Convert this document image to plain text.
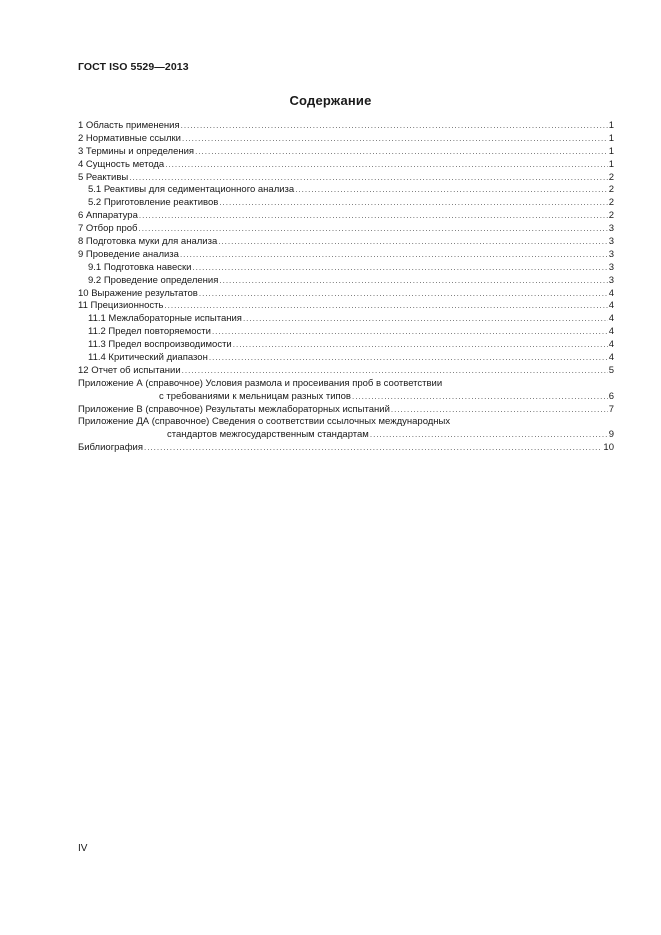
ГОСТ ISO 5529—2013
Содержание
1 Область применения .....	1
2 Нормативные ссылки .....	1
3 Термины и определения .....	1
4 Сущность метода .....	1
5 Реактивы .....	2
5.1 Реактивы для седиментационного анализа .....	2
5.2 Приготовление реактивов .....	2
6 Аппаратура .....	2
7 Отбор проб .....	3
8 Подготовка муки для анализа .....	3
9 Проведение анализа .....	3
9.1 Подготовка навески .....	3
9.2 Проведение определения .....	3
10 Выражение результатов .....	4
11 Прецизионность .....	4
11.1 Межлабораторные испытания .....	4
11.2 Предел повторяемости .....	4
11.3 Предел воспроизводимости .....	4
11.4 Критический диапазон .....	4
12 Отчет об испытании .....	5
Приложение А (справочное) Условия размола и просеивания проб в соответствии
с требованиями к мельницам разных типов .....	6
Приложение В (справочное) Результаты межлабораторных испытаний .....	7
Приложение ДА (справочное) Сведения о соответствии ссылочных международных
стандартов межгосударственным стандартам .....	9
Библиография .....	10
IV
